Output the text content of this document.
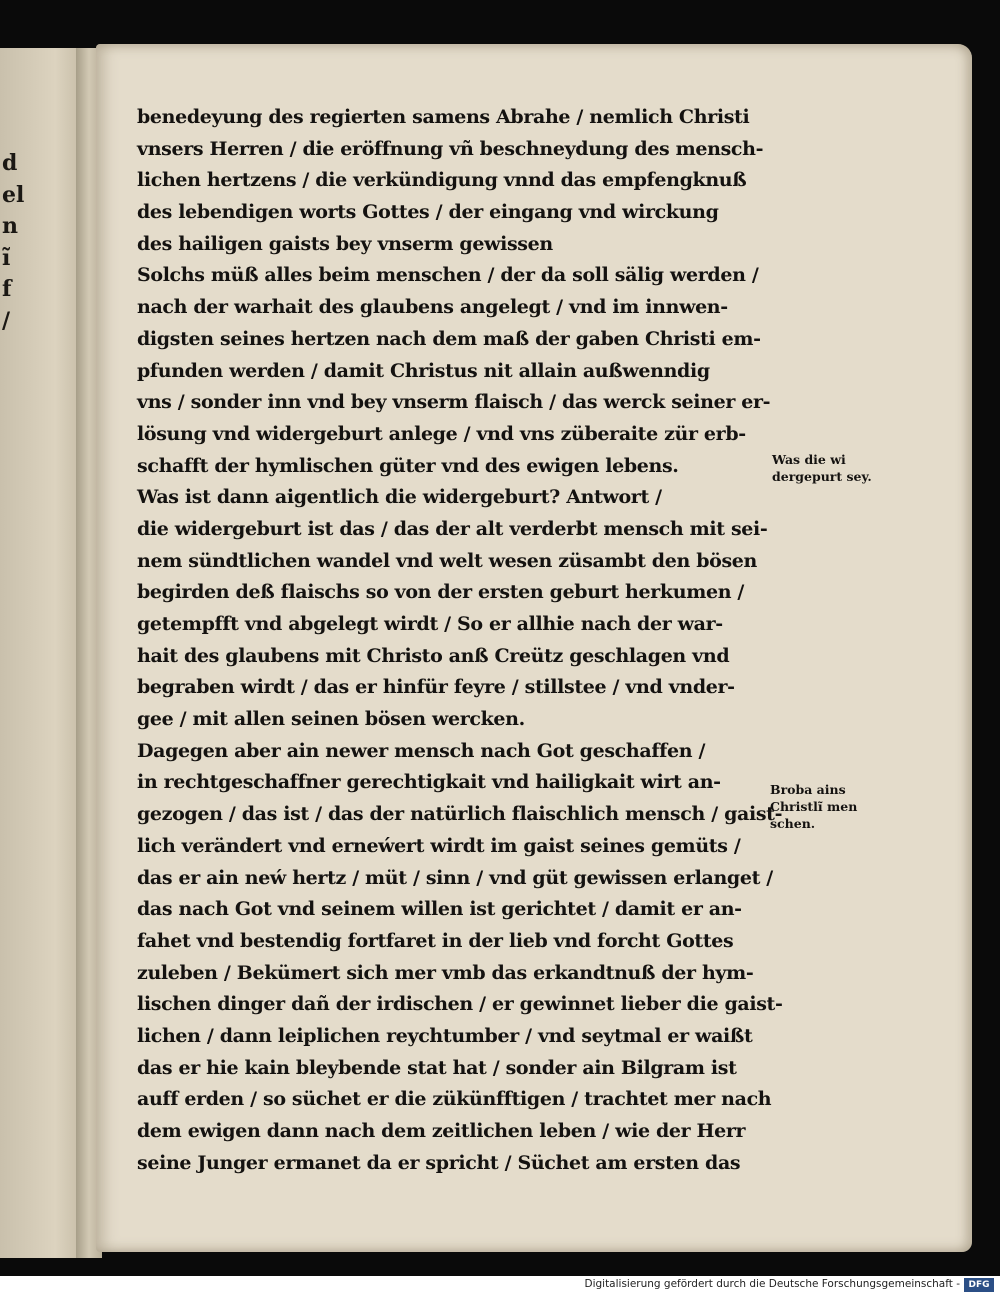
d
el
n
ĩ
f
/

benedeyung des regierten samens Abrahe / nemlich Christi
vnsers Herren / die eröffnung vñ beschneydung des mensch-
lichen hertzens / die verkündigung vnnd das empfengknuß
des lebendigen worts Gottes / der eingang vnd wirckung
des hailigen gaists bey vnserm gewissen
Solchs müß alles beim menschen / der da soll sälig werden /
nach der warhait des glaubens angelegt / vnd im innwen-
digsten seines hertzen nach dem maß der gaben Christi em-
pfunden werden / damit Christus nit allain außwenndig
vns / sonder inn vnd bey vnserm flaisch / das werck seiner er-
lösung vnd widergeburt anlege / vnd vns züberaite zür erb-
schafft der hymlischen güter vnd des ewigen lebens.
Was ist dann aigentlich die widergeburt? Antwort /
die widergeburt ist das / das der alt verderbt mensch mit sei-
nem sündtlichen wandel vnd welt wesen züsambt den bösen
begirden deß flaischs so von der ersten geburt herkumen /
getempfft vnd abgelegt wirdt / So er allhie nach der war-
hait des glaubens mit Christo anß Creütz geschlagen vnd
begraben wirdt / das er hinfür feyre / stillstee / vnd vnder-
gee / mit allen seinen bösen wercken.
Dagegen aber ain newer mensch nach Got geschaffen /
in rechtgeschaffner gerechtigkait vnd hailigkait wirt an-
gezogen / das ist / das der natürlich flaischlich mensch / gaist-
lich verändert vnd erneẃert wirdt im gaist seines gemüts /
das er ain neẃ hertz / müt / sinn / vnd güt gewissen erlanget /
das nach Got vnd seinem willen ist gerichtet / damit er an-
fahet vnd bestendig fortfaret in der lieb vnd forcht Gottes
zuleben / Bekümert sich mer vmb das erkandtnuß der hym-
lischen dinger dañ der irdischen / er gewinnet lieber die gaist-
lichen / dann leiplichen reychtumber / vnd seytmal er waißt
das er hie kain bleybende stat hat / sonder ain Bilgram ist
auff erden / so süchet er die zükünfftigen / trachtet mer nach
dem ewigen dann nach dem zeitlichen leben / wie der Herr
seine Junger ermanet da er spricht / Süchet am ersten das
Was die wi dergepurt sey.
Broba ains Christlĩ men schen.
Digitalisierung gefördert durch die Deutsche Forschungsgemeinschaft - DFG
